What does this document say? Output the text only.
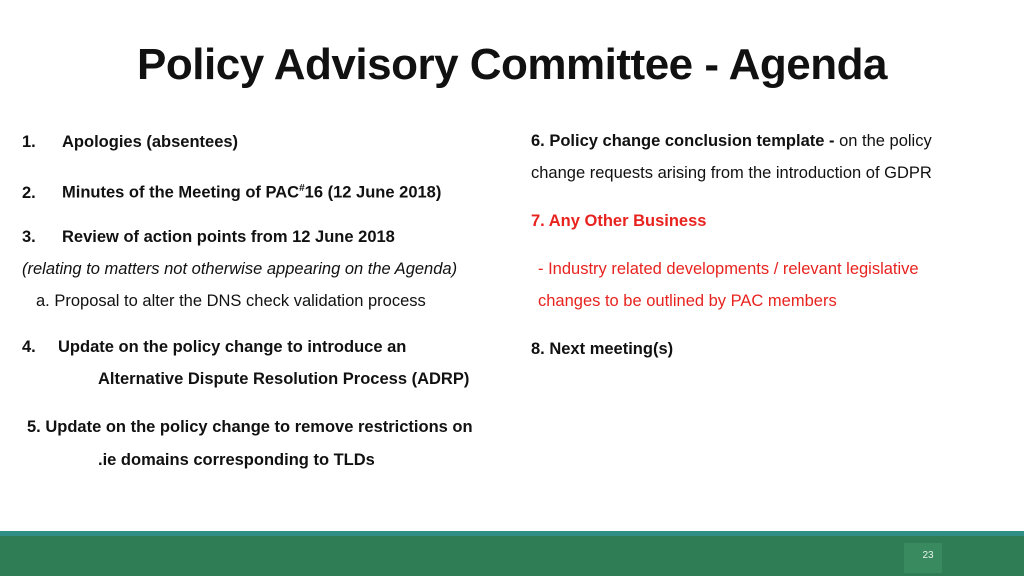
Policy Advisory Committee - Agenda
1. Apologies (absentees)
2. Minutes of the Meeting of PAC#16 (12 June 2018)
3. Review of action points from 12 June 2018
(relating to matters not otherwise appearing on the Agenda)
a. Proposal to alter the DNS check validation process
4. Update on the policy change to introduce an
Alternative Dispute Resolution Process (ADRP)
5. Update on the policy change to remove restrictions on
.ie domains corresponding to TLDs
6. Policy change conclusion template - on the policy
change requests arising from the introduction of GDPR
7. Any Other Business
- Industry related developments / relevant legislative
changes to be outlined by PAC members
8. Next meeting(s)
23
